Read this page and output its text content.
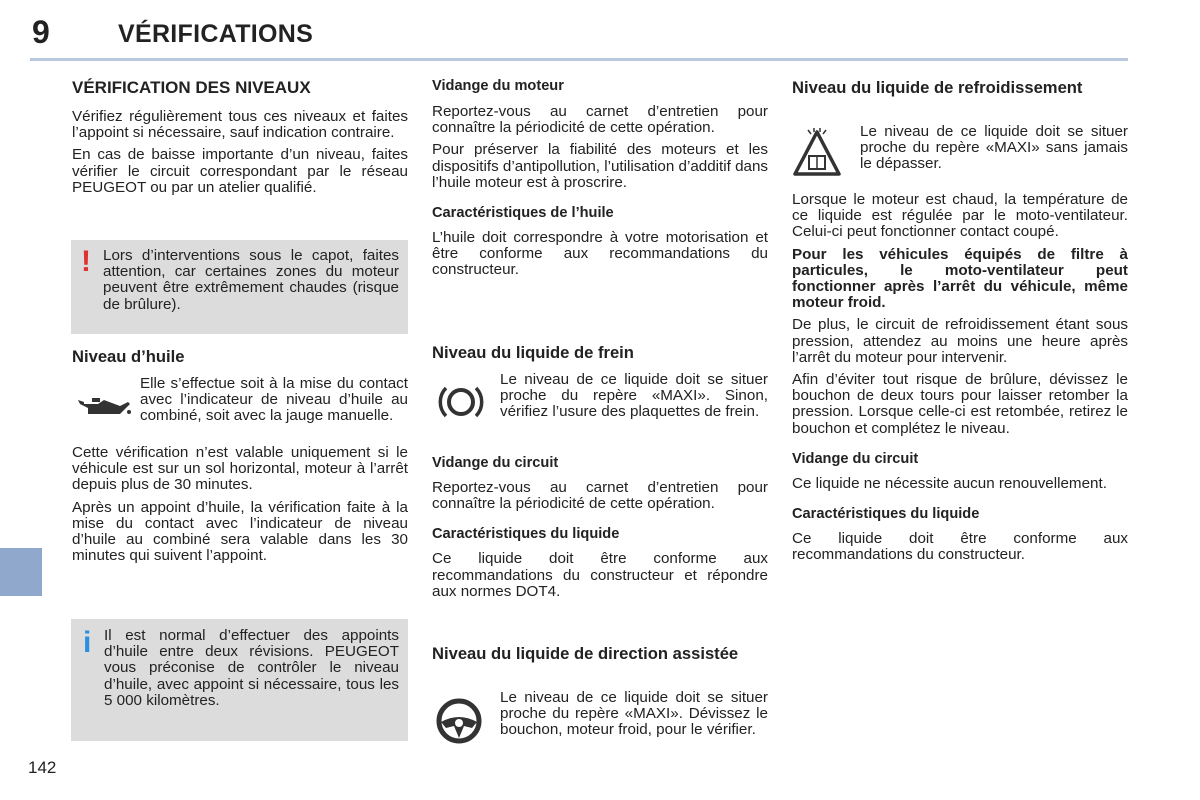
9	VÉRIFICATIONS
142
VÉRIFICATION DES NIVEAUX

Vérifiez régulièrement tous ces niveaux et faites l’appoint si nécessaire, sauf indication contraire.

En cas de baisse importante d’un niveau, faites vérifier le circuit correspondant par le réseau PEUGEOT ou par un atelier qualifié.

! Lors d’interventions sous le capot, faites attention, car certaines zones du moteur peuvent être extrêmement chaudes (risque de brûlure).

Niveau d’huile
Elle s’effectue soit à la mise du contact avec l’indicateur de niveau d’huile au combiné, soit avec la jauge manuelle.

Cette vérification n’est valable uniquement si le véhicule est sur un sol horizontal, moteur à l’arrêt depuis plus de 30 minutes.

Après un appoint d’huile, la vérification faite à la mise du contact avec l’indicateur de niveau d’huile au combiné sera valable dans les 30 minutes qui suivent l’appoint.

i Il est normal d’effectuer des appoints d’huile entre deux révisions. PEUGEOT vous préconise de contrôler le niveau d’huile, avec appoint si nécessaire, tous les 5 000 kilomètres.

Vidange du moteur

Reportez-vous au carnet d’entretien pour connaître la périodicité de cette opération.

Pour préserver la fiabilité des moteurs et les dispositifs d’antipollution, l’utilisation d’additif dans l’huile moteur est à proscrire.

Caractéristiques de l’huile

L’huile doit correspondre à votre motorisation et être conforme aux recommandations du constructeur.

Niveau du liquide de frein
Le niveau de ce liquide doit se situer proche du repère «MAXI». Sinon, vérifiez l’usure des plaquettes de frein.
Vidange du circuit

Reportez-vous au carnet d’entretien pour connaître la périodicité de cette opération.

Caractéristiques du liquide

Ce liquide doit être conforme aux recommandations du constructeur et répondre aux normes DOT4.

Niveau du liquide de direction assistée
Le niveau de ce liquide doit se situer proche du repère «MAXI». Dévissez le bouchon, moteur froid, pour le vérifier.
Niveau du liquide de refroidissement
Le niveau de ce liquide doit se situer proche du repère «MAXI» sans jamais le dépasser.

Lorsque le moteur est chaud, la température de ce liquide est régulée par le moto-ventilateur. Celui-ci peut fonctionner contact coupé.

Pour les véhicules équipés de filtre à particules, le moto-ventilateur peut fonctionner après l’arrêt du véhicule, même moteur froid.

De plus, le circuit de refroidissement étant sous pression, attendez au moins une heure après l’arrêt du moteur pour intervenir.

Afin d’éviter tout risque de brûlure, dévissez le bouchon de deux tours pour laisser retomber la pression. Lorsque celle-ci est retombée, retirez le bouchon et complétez le niveau.

Vidange du circuit

Ce liquide ne nécessite aucun renouvellement.

Caractéristiques du liquide

Ce liquide doit être conforme aux recommandations du constructeur.
